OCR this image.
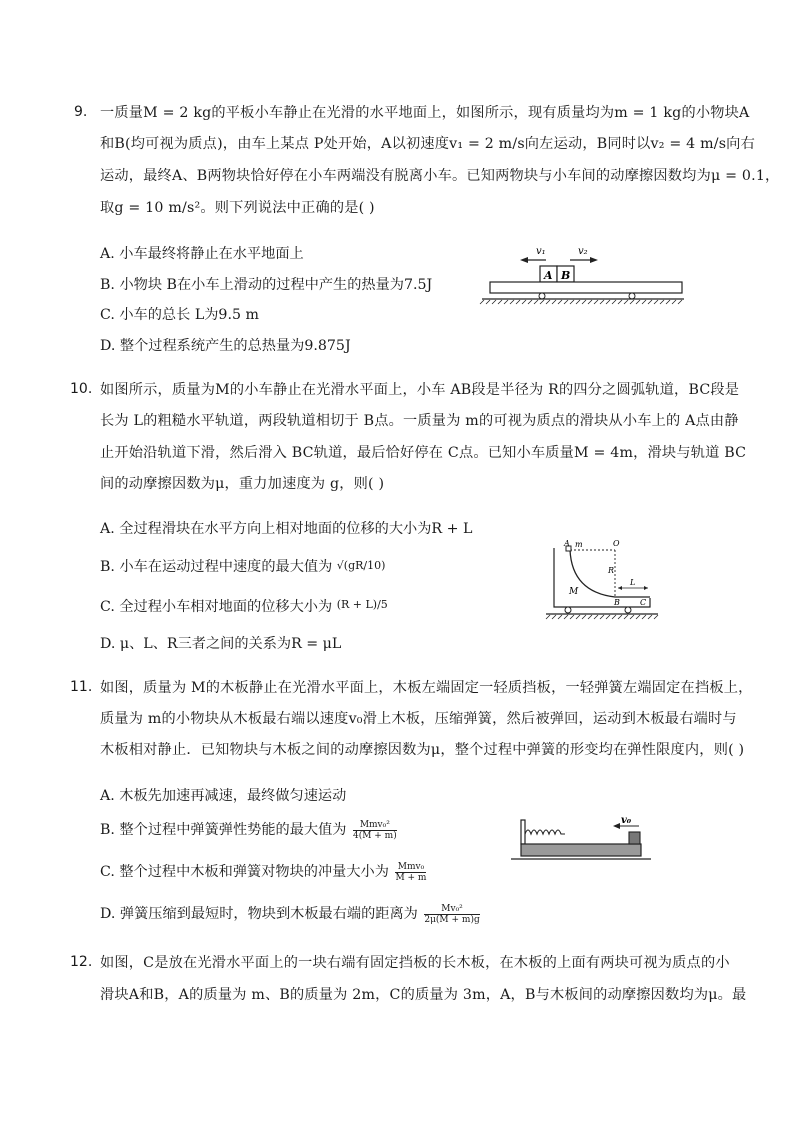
9. 一质量M = 2 kg的平板小车静止在光滑的水平地面上，如图所示，现有质量均为m = 1 kg的小物块A
和B(均可视为质点)，由车上某点 P处开始，A以初速度v₁ = 2 m/s向左运动，B同时以v₂ = 4 m/s向右
运动，最终A、B两物块恰好停在小车两端没有脱离小车。已知两物块与小车间的动摩擦因数均为μ = 0.1，
取g = 10 m/s²。则下列说法中正确的是( )
A. 小车最终将静止在水平地面上
B. 小物块 B在小车上滑动的过程中产生的热量为7.5J
C. 小车的总长 L为9.5 m
D. 整个过程系统产生的总热量为9.875J
v₁	v₂
A B
10. 如图所示，质量为M的小车静止在光滑水平面上，小车 AB段是半径为 R的四分之圆弧轨道，BC段是
长为 L的粗糙水平轨道，两段轨道相切于 B点。一质量为 m的可视为质点的滑块从小车上的 A点由静
止开始沿轨道下滑，然后滑入 BC轨道，最后恰好停在 C点。已知小车质量M = 4m，滑块与轨道 BC
间的动摩擦因数为μ，重力加速度为 g，则( )
A. 全过程滑块在水平方向上相对地面的位移的大小为R + L
B. 小车在运动过程中速度的最大值为 √(gR/10)
C. 全过程小车相对地面的位移大小为 $^{(R + L)/5}$
D. μ、L、R三者之间的关系为R = μL
A m	O
R
L
M
B	C
11. 如图，质量为 M的木板静止在光滑水平面上，木板左端固定一轻质挡板，一轻弹簧左端固定在挡板上，
质量为 m的小物块从木板最右端以速度v₀滑上木板，压缩弹簧，然后被弹回，运动到木板最右端时与
木板相对静止．已知物块与木板之间的动摩擦因数为μ，整个过程中弹簧的形变均在弹性限度内，则( )
A. 木板先加速再减速，最终做匀速运动
B. 整个过程中弹簧弹性势能的最大值为	Mmv₀²
4(M + m)
C. 整个过程中木板和弹簧对物块的冲量大小为 Mmv₀
M + m
D. 弹簧压缩到最短时，物块到木板最右端的距离为 $\frac{\text{Mv₀²}}{2\mu(M + m)g}$
v₀
12. 如图，C是放在光滑水平面上的一块右端有固定挡板的长木板，在木板的上面有两块可视为质点的小
滑块A和B，A的质量为 m、B的质量为 2m，C的质量为 3m，A，B与木板间的动摩擦因数均为μ。最
